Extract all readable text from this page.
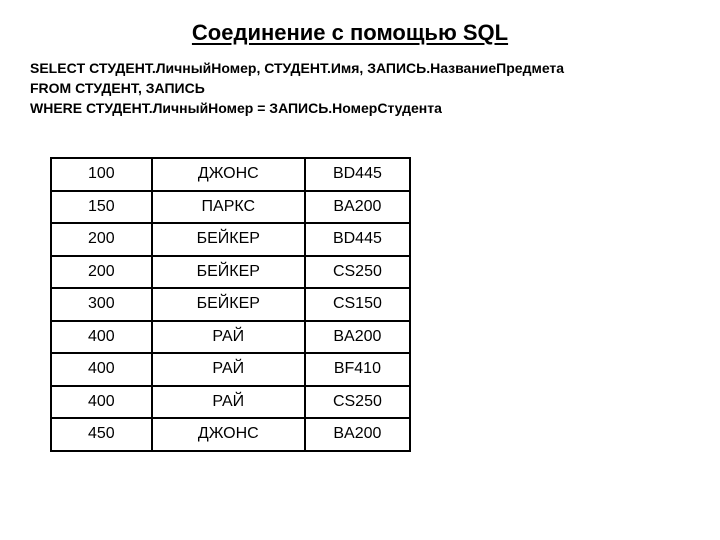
Соединение с помощью SQL
SELECT СТУДЕНТ.ЛичныйНомер, СТУДЕНТ.Имя, ЗАПИСЬ.НазваниеПредмета
FROM СТУДЕНТ, ЗАПИСЬ
WHERE СТУДЕНТ.ЛичныйНомер = ЗАПИСЬ.НомерСтудента
100	ДЖОНС	BD445
150	ПАРКС	BA200
200	БЕЙКЕР	BD445
200	БЕЙКЕР	CS250
300	БЕЙКЕР	CS150
400	РАЙ	BA200
400	РАЙ	BF410
400	РАЙ	CS250
450	ДЖОНС	BA200
